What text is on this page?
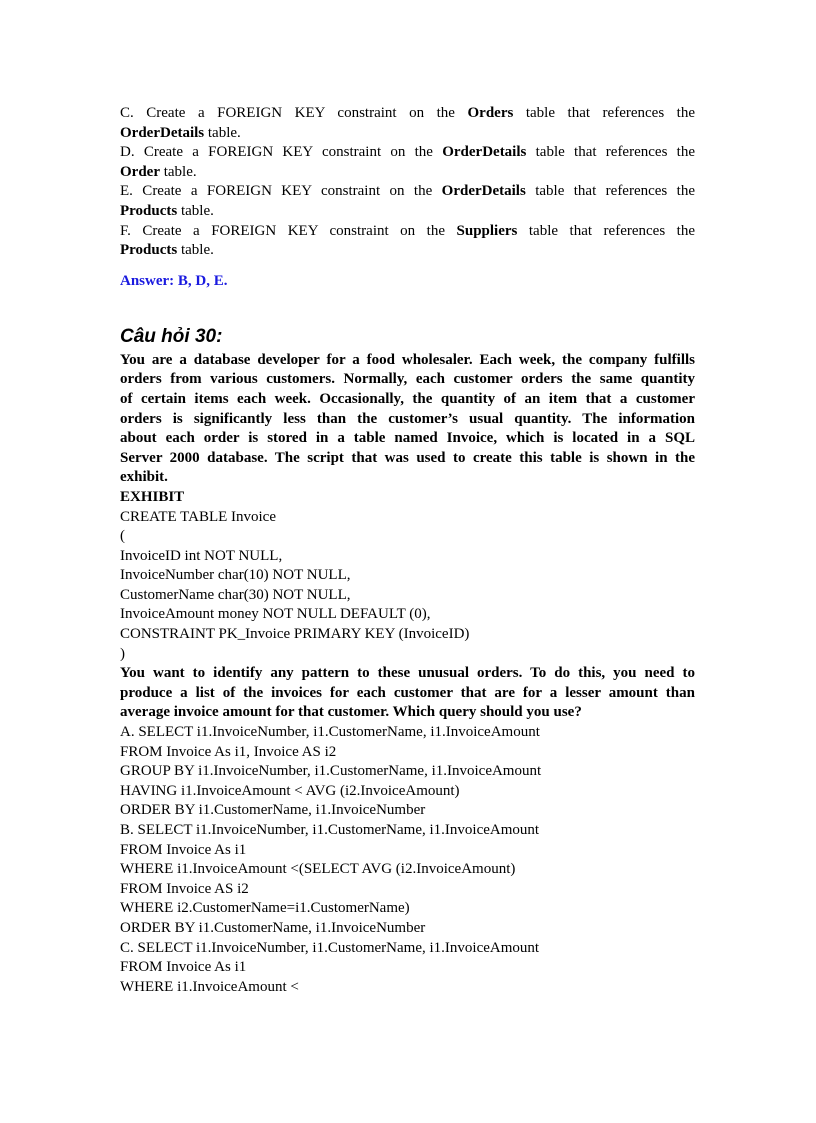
C. Create a FOREIGN KEY constraint on the Orders table that references the
OrderDetails table.
D. Create a FOREIGN KEY constraint on the OrderDetails table that references the
Order table.
E. Create a FOREIGN KEY constraint on the OrderDetails table that references the
Products table.
F. Create a FOREIGN KEY constraint on the Suppliers table that references the
Products table.
Answer: B, D, E.
Câu hỏi 30:
You are a database developer for a food wholesaler. Each week, the company fulfills
orders from various customers. Normally, each customer orders the same quantity
of certain items each week. Occasionally, the quantity of an item that a customer
orders is significantly less than the customer’s usual quantity. The information
about each order is stored in a table named Invoice, which is located in a SQL
Server 2000 database. The script that was used to create this table is shown in the
exhibit.
EXHIBIT
CREATE TABLE Invoice
(
InvoiceID int NOT NULL,
InvoiceNumber char(10) NOT NULL,
CustomerName char(30) NOT NULL,
InvoiceAmount money NOT NULL DEFAULT (0),
CONSTRAINT PK_Invoice PRIMARY KEY (InvoiceID)
)
You want to identify any pattern to these unusual orders. To do this, you need to
produce a list of the invoices for each customer that are for a lesser amount than
average invoice amount for that customer. Which query should you use?
A. SELECT i1.InvoiceNumber, i1.CustomerName, i1.InvoiceAmount
FROM Invoice As i1, Invoice AS i2
GROUP BY i1.InvoiceNumber, i1.CustomerName, i1.InvoiceAmount
HAVING i1.InvoiceAmount < AVG (i2.InvoiceAmount)
ORDER BY i1.CustomerName, i1.InvoiceNumber
B. SELECT i1.InvoiceNumber, i1.CustomerName, i1.InvoiceAmount
FROM Invoice As i1
WHERE i1.InvoiceAmount <(SELECT AVG (i2.InvoiceAmount)
FROM Invoice AS i2
WHERE i2.CustomerName=i1.CustomerName)
ORDER BY i1.CustomerName, i1.InvoiceNumber
C. SELECT i1.InvoiceNumber, i1.CustomerName, i1.InvoiceAmount
FROM Invoice As i1
WHERE i1.InvoiceAmount <
